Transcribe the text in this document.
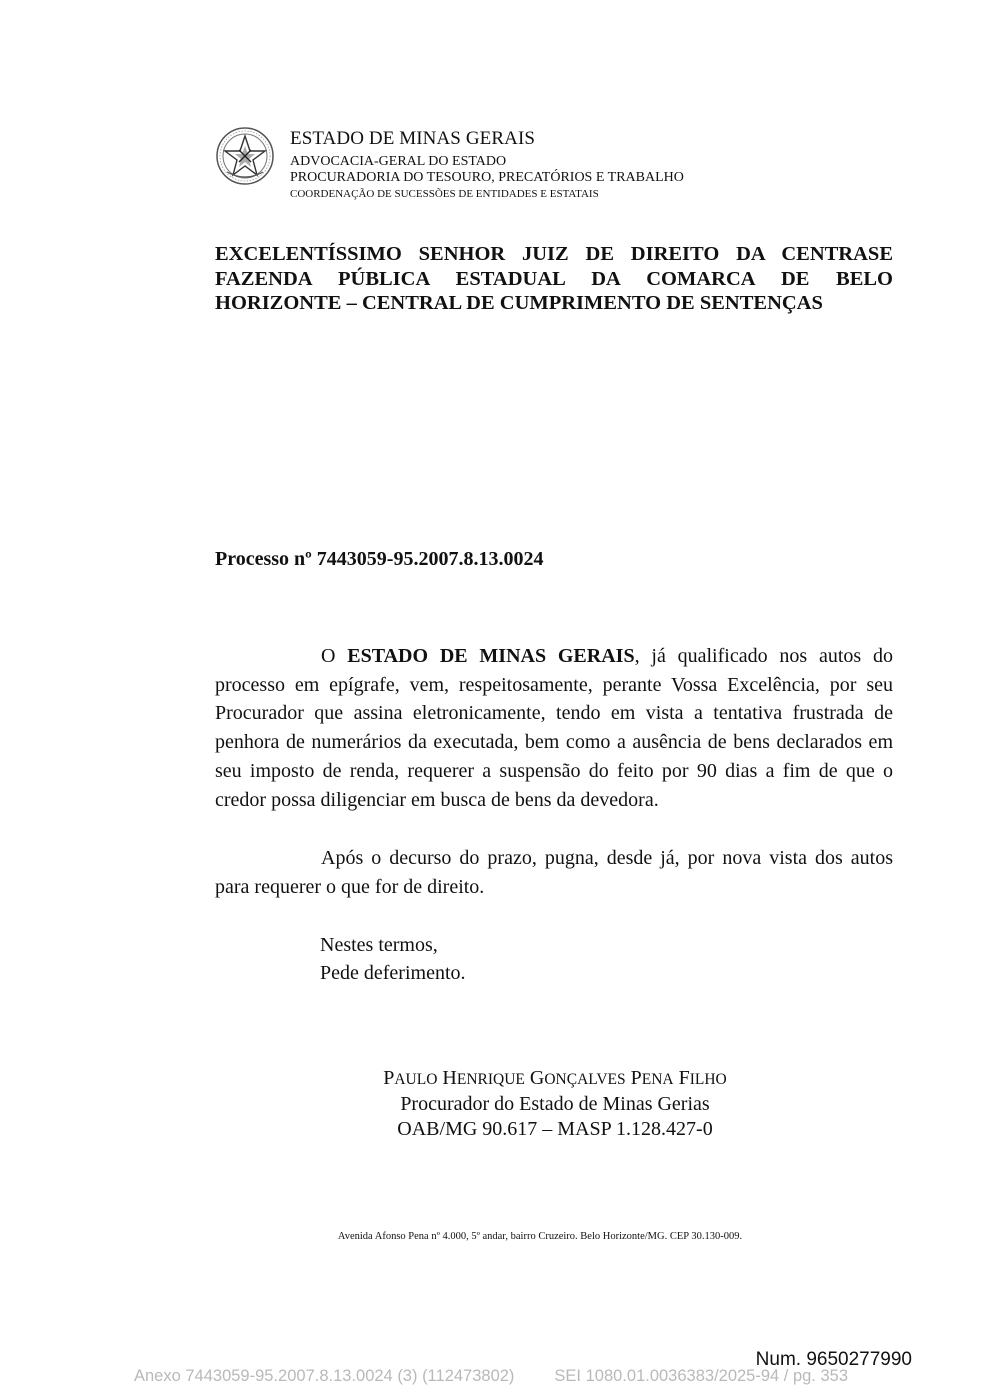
ESTADO DE MINAS GERAIS
ADVOCACIA-GERAL DO ESTADO
PROCURADORIA DO TESOURO, PRECATÓRIOS E TRABALHO
COORDENAÇÃO DE SUCESSÕES DE ENTIDADES E ESTATAIS
EXCELENTÍSSIMO SENHOR JUIZ DE DIREITO DA CENTRASE
FAZENDA PÚBLICA ESTADUAL DA COMARCA DE BELO
HORIZONTE – CENTRAL DE CUMPRIMENTO DE SENTENÇAS
Processo nº 7443059-95.2007.8.13.0024
O ESTADO DE MINAS GERAIS, já qualificado nos autos do processo em epígrafe, vem, respeitosamente, perante Vossa Excelência, por seu Procurador que assina eletronicamente, tendo em vista a tentativa frustrada de penhora de numerários da executada, bem como a ausência de bens declarados em seu imposto de renda, requerer a suspensão do feito por 90 dias a fim de que o credor possa diligenciar em busca de bens da devedora.
Após o decurso do prazo, pugna, desde já, por nova vista dos autos para requerer o que for de direito.
Nestes termos,
Pede deferimento.
PAULO HENRIQUE GONÇALVES PENA FILHO
Procurador do Estado de Minas Gerias
OAB/MG 90.617 – MASP 1.128.427-0
Avenida Afonso Pena nº 4.000, 5º andar, bairro Cruzeiro. Belo Horizonte/MG. CEP 30.130-009.
Num. 9650277990
Anexo 7443059-95.2007.8.13.0024 (3) (112473802) SEI 1080.01.0036383/2025-94 / pg. 353
